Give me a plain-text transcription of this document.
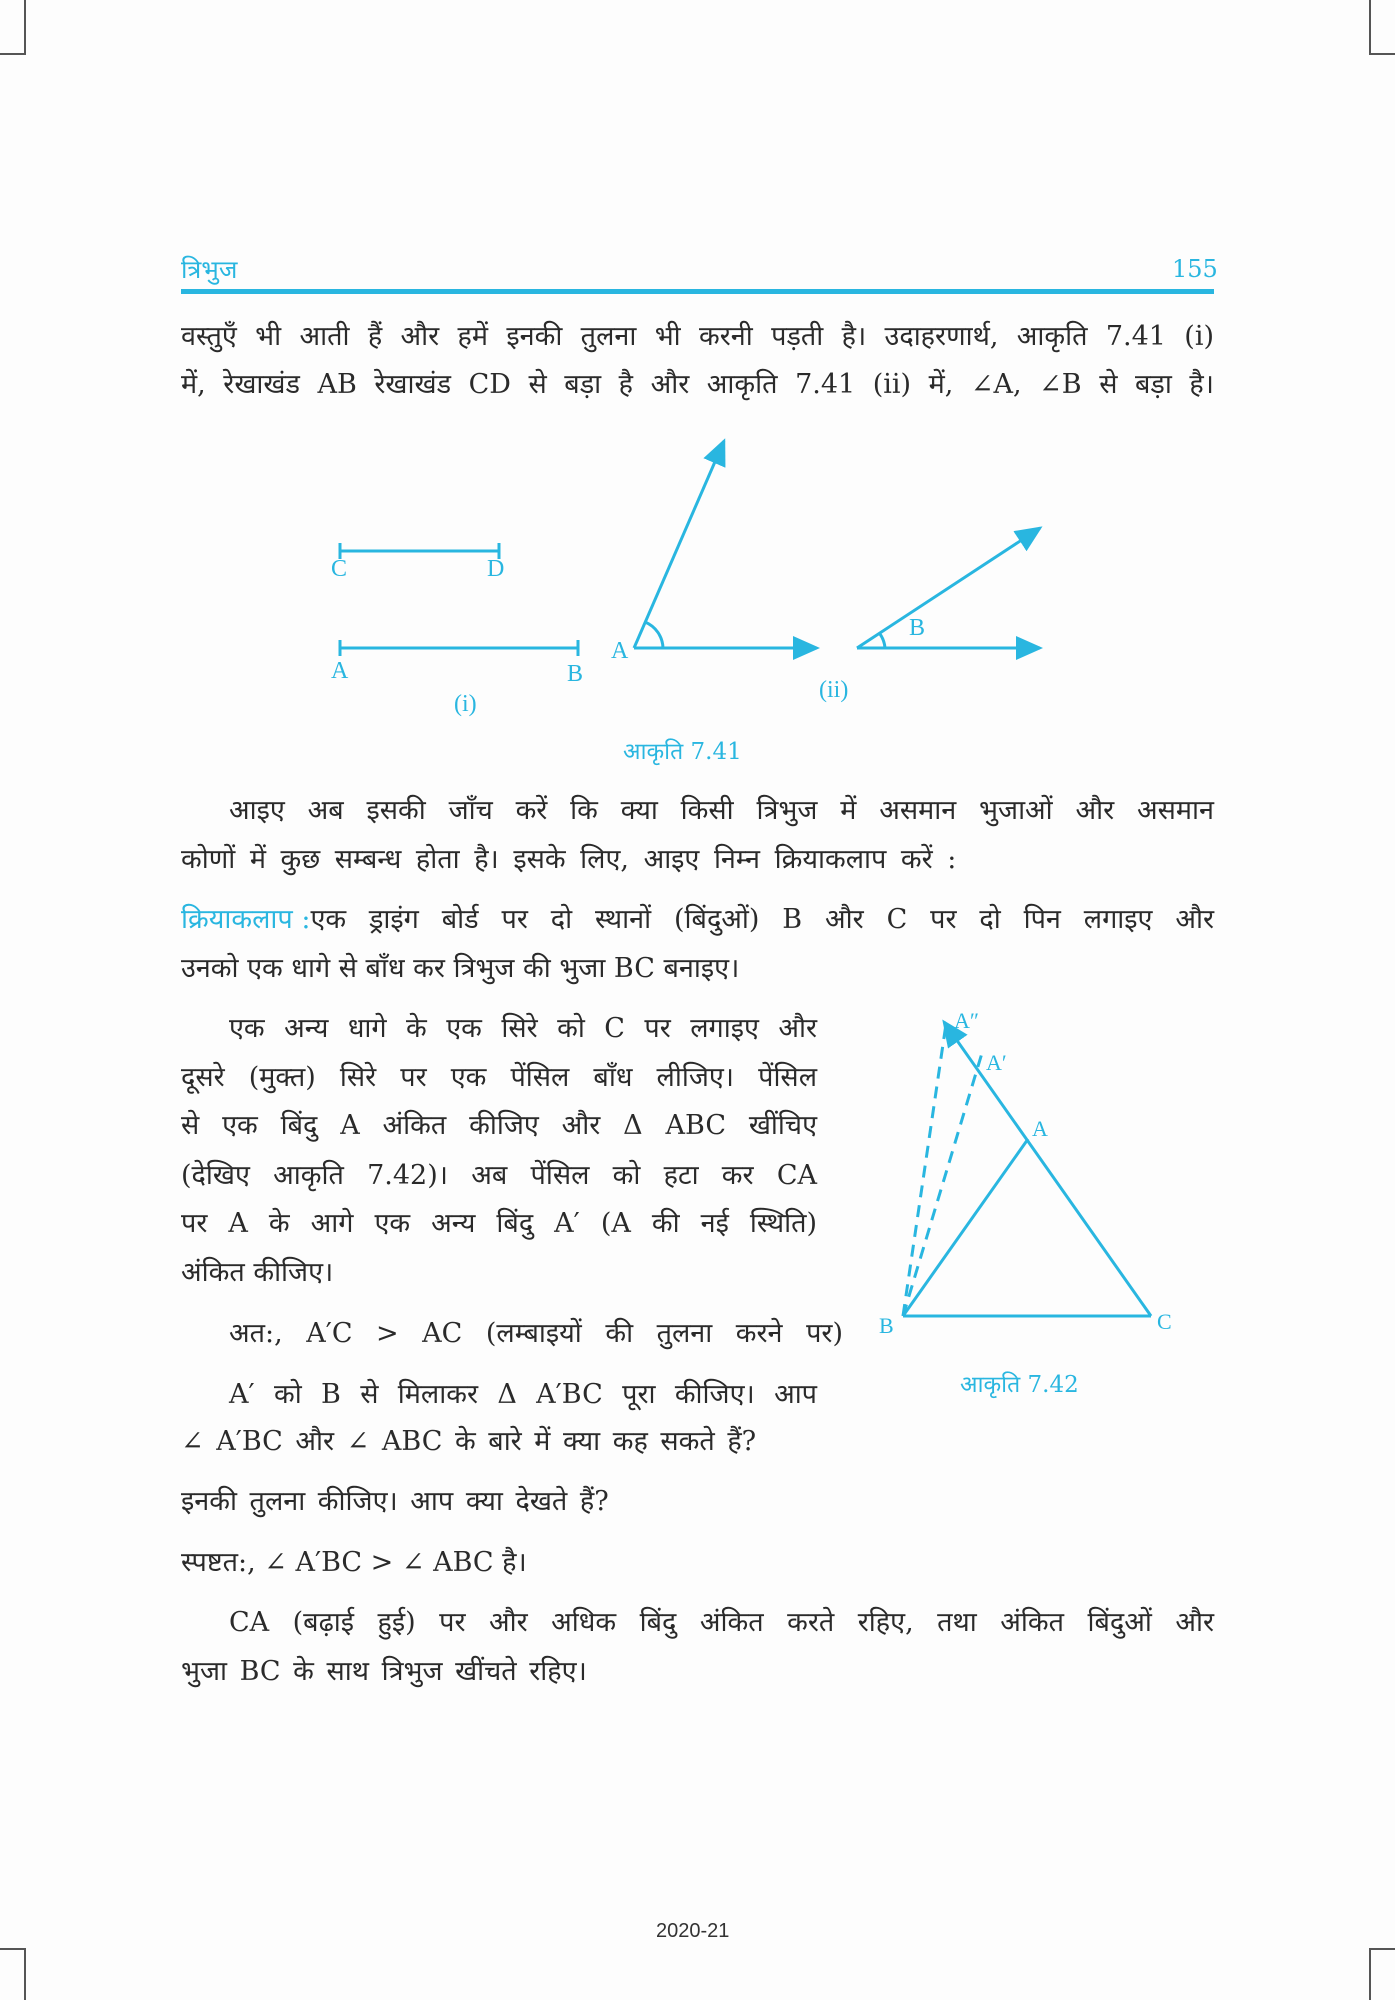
त्रिभुज	155
वस्तुएँ भी आती हैं और हमें इनकी तुलना भी करनी पड़ती है। उदाहरणार्थ, आकृति 7.41 (i)
में, रेखाखंड AB रेखाखंड CD से बड़ा है और आकृति 7.41 (ii) में, ∠A, ∠B से बड़ा है।
C	D
A	B
(i)
A
B
(ii)
आकृति 7.41
आइए अब इसकी जाँच करें कि क्या किसी त्रिभुज में असमान भुजाओं और असमान
कोणों में कुछ सम्बन्ध होता है। इसके लिए, आइए निम्न क्रियाकलाप करें :
क्रियाकलाप : एक ड्राइंग बोर्ड पर दो स्थानों (बिंदुओं) B और C पर दो पिन लगाइए और
उनको एक धागे से बाँध कर त्रिभुज की भुजा BC बनाइए।
एक अन्य धागे के एक सिरे को C पर लगाइए और
दूसरे (मुक्त) सिरे पर एक पेंसिल बाँध लीजिए। पेंसिल
से एक बिंदु A अंकित कीजिए और Δ ABC खींचिए
(देखिए आकृति 7.42)। अब पेंसिल को हटा कर CA
पर A के आगे एक अन्य बिंदु A′ (A की नई स्थिति)
अंकित कीजिए।
अत:, A′C > AC (लम्बाइयों की तुलना करने पर)
A′ को B से मिलाकर Δ A′BC पूरा कीजिए। आप
∠ A′BC और ∠ ABC के बारे में क्या कह सकते हैं?
इनकी तुलना कीजिए। आप क्या देखते हैं?
स्पष्टत:, ∠ A′BC > ∠ ABC है।
CA (बढ़ाई हुई) पर और अधिक बिंदु अंकित करते रहिए, तथा अंकित बिंदुओं और
भुजा BC के साथ त्रिभुज खींचते रहिए।
A″
A′
A
B	C
आकृति 7.42
2020-21
